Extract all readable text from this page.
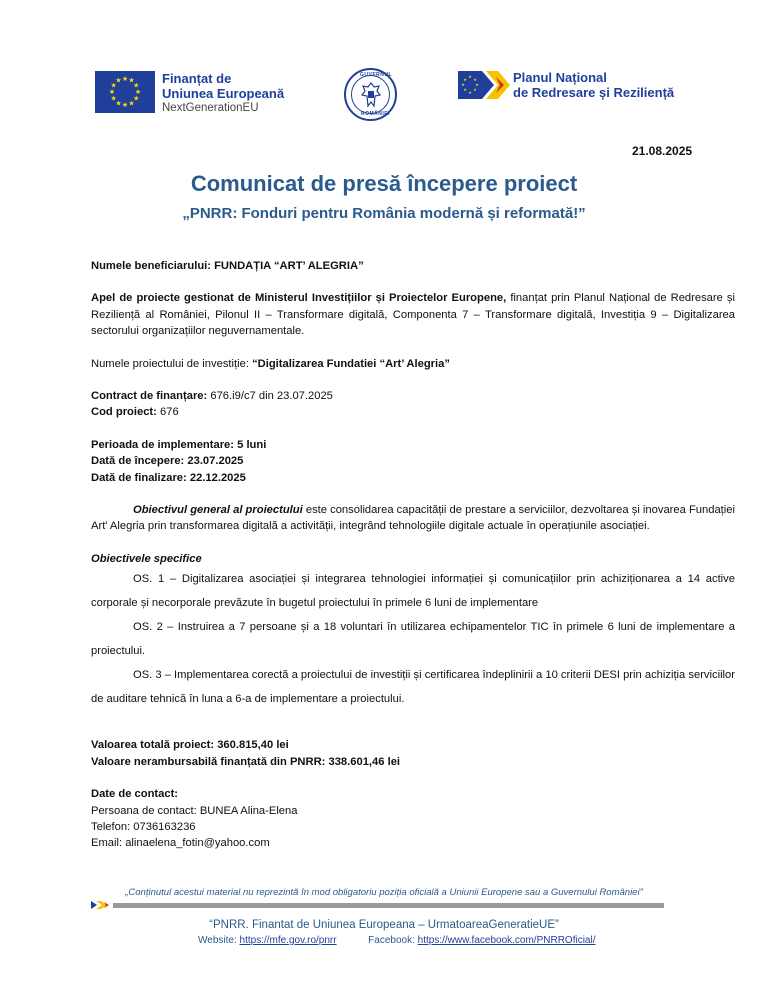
★ ★
★
★
★
★
★
★
★
★
★
★	Finanțat de
Uniunea Europeană
NextGenerationEU
GUVERNUL
ROMÂNIEI
★
★
★
★
★
★
★
★	Planul Național
de Redresare și Reziliență
21.08.2025
Comunicat de presă începere proiect
„PNRR: Fonduri pentru România modernă și reformată!”

Numele beneficiarului: FUNDAȚIA “ART’ ALEGRIA”

Apel de proiecte gestionat de Ministerul Investițiilor și Proiectelor Europene, finanțat prin Planul Național de Redresare și Reziliență al României, Pilonul II – Transformare digitală, Componenta 7 – Transformare digitală, Investiția 9 – Digitalizarea sectorului organizațiilor neguvernamentale.

Numele proiectului de investiție: “Digitalizarea Fundatiei “Art’ Alegria”

Contract de finanțare: 676.i9/c7 din 23.07.2025

Cod proiect: 676

Perioada de implementare: 5 luni

Dată de începere: 23.07.2025

Dată de finalizare: 22.12.2025

Obiectivul general al proiectului este consolidarea capacității de prestare a serviciilor, dezvoltarea și inovarea Fundației Art' Alegria prin transformarea digitală a activității, integrând tehnologiile digitale actuale în operațiunile asociației.

Obiectivele specifice

OS. 1 – Digitalizarea asociației și integrarea tehnologiei informației și comunicațiilor prin achiziționarea a 14 active corporale și necorporale prevăzute în bugetul proiectului în primele 6 luni de implementare

OS. 2 – Instruirea a 7 persoane și a 18 voluntari în utilizarea echipamentelor TIC în primele 6 luni de implementare a proiectului.

OS. 3 – Implementarea corectă a proiectului de investiții și certificarea îndeplinirii a 10 criterii DESI prin achiziția serviciilor de auditare tehnică în luna a 6-a de implementare a proiectului.

Valoarea totală proiect: 360.815,40 lei

Valoare nerambursabilă finanțată din PNRR: 338.601,46 lei

Date de contact:

Persoana de contact: BUNEA Alina-Elena

Telefon: 0736163236

Email: alinaelena_fotin@yahoo.com

„Conținutul acestui material nu reprezintă în mod obligatoriu poziția oficială a Uniunii Europene sau a Guvernului României”
“PNRR. Finantat de Uniunea Europeana – UrmatoareaGeneratieUE”
Website: https://mfe.gov.ro/pnrr	Facebook: https://www.facebook.com/PNRROficial/
